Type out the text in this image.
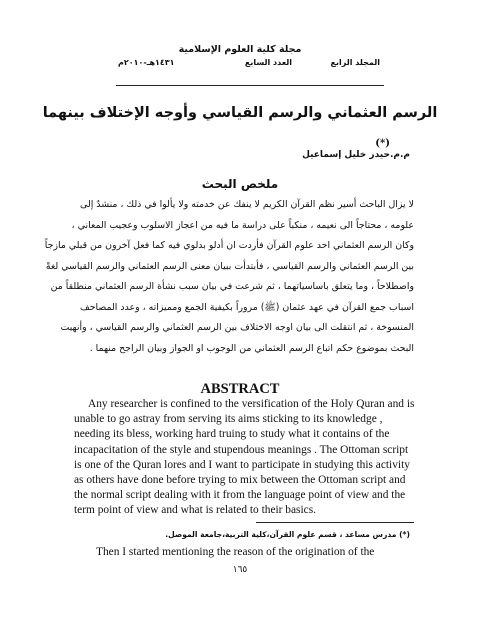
مجلة كلية العلوم الإسلامية
المجلد الرابع
العدد السابع
١٤٣١هـ-٢٠١٠م
الرسم العثماني والرسم القياسي وأوجه الإختلاف بينهما
(*)
م.م.حيدر خليل إسماعيل
ملخص البحث

لا يزال الباحث أسير نظم القرآن الكريم لا ينفك عن خدمته ولا يألوا في ذلك ، منشدٌ إلى

علومه ، محتاجاً الى نعيمه ، منكباً على دراسة ما فيه من اعجاز الاسلوب وعجيب المعاني ،

وكان الرسم العثماني احد علوم القرآن فأردت ان أدلو بدلوي فيه كما فعل آخرون من قبلي مازجاً

بين الرسم العثماني والرسم القياسي ، فأبتدأت ببيان معنى الرسم العثماني والرسم القياسي لغةً

واصطلاحاً ، وما يتعلق باساسياتهما ، ثم شرعت في بيان سبب نشأة الرسم العثماني منطلقاً من

اسباب جمع القرآن في عهد عثمان (ﷺ) مروراً بكيفية الجمع ومميزاته ، وعدد المصاحف

المنسوخة ، ثم انتقلت الى بيان اوجه الاختلاف بين الرسم العثماني والرسم القياسي ، وأنهيت

البحث بموضوع حكم اتباع الرسم العثماني من الوجوب او الجواز وبيان الراجح منهما .

ABSTRACT

Any researcher is confined to the versification of the Holy Quran and is

unable to go astray from serving its aims sticking to its knowledge ,

needing its bless, working hard truing to study what it contains of the

incapacitation of the style and stupendous meanings . The Ottoman script

is one of the Quran lores and I want to participate in studying this activity

as others have done before trying to mix between the Ottoman script and

the normal script dealing with it from the language point of view and the

term point of view and what is related to their basics.

(*) مدرس مساعد ، قسم علوم القرآن،كلية التربية،جامعة الموصل.
Then I started mentioning the reason of the origination of the
١٦٥
